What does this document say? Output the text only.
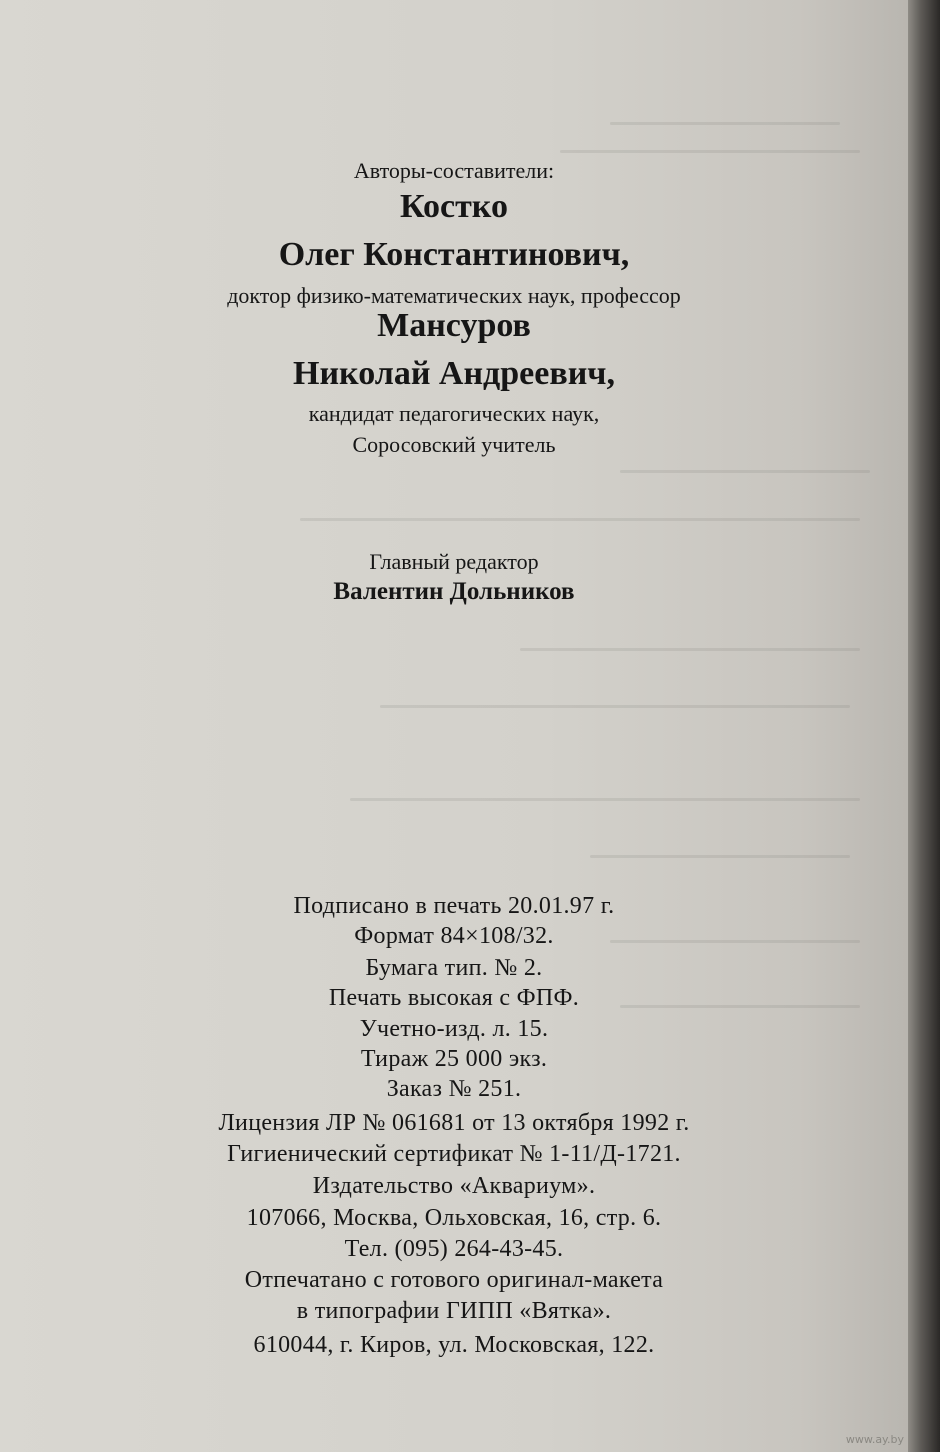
Авторы-составители:

Костко

Олег Константинович,

доктор физико-математических наук, профессор

Мансуров

Николай Андреевич,

кандидат педагогических наук,

Соросовский учитель

Главный редактор

Валентин Дольников

Подписано в печать 20.01.97 г.

Формат 84×108/32.

Бумага тип. № 2.

Печать высокая с ФПФ.

Учетно-изд. л. 15.

Тираж 25 000 экз.

Заказ № 251.

Лицензия ЛР № 061681 от 13 октября 1992 г.

Гигиенический сертификат № 1-11/Д-1721.

Издательство «Аквариум».

107066, Москва, Ольховская, 16, стр. 6.

Тел. (095) 264-43-45.

Отпечатано с готового оригинал-макета

в типографии ГИПП «Вятка».

610044, г. Киров, ул. Московская, 122.

www.ay.by
